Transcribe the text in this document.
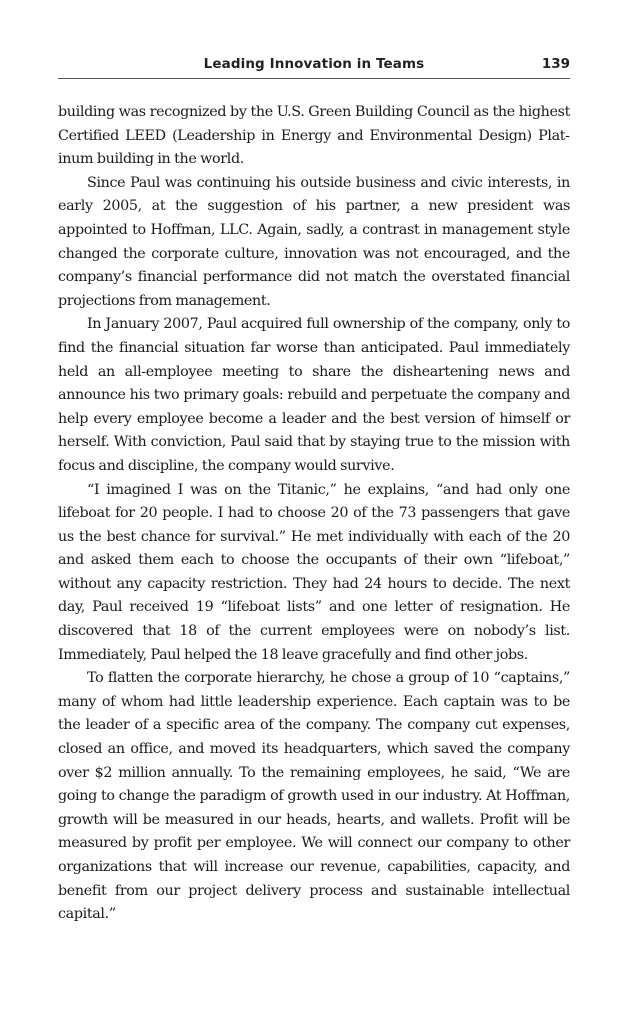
Leading Innovation in Teams	139

building was recognized by the U.S. Green Building Council as the highest Certified LEED (Leadership in Energy and Environmental Design) Platinum building in the world.

Since Paul was continuing his outside business and civic interests, in early 2005, at the suggestion of his partner, a new president was appointed to Hoffman, LLC. Again, sadly, a contrast in management style changed the corporate culture, innovation was not encouraged, and the company’s financial performance did not match the overstated financial projections from management.

In January 2007, Paul acquired full ownership of the company, only to find the financial situation far worse than anticipated. Paul immediately held an all-employee meeting to share the disheartening news and announce his two primary goals: rebuild and perpetuate the company and help every employee become a leader and the best version of himself or herself. With conviction, Paul said that by staying true to the mission with focus and discipline, the company would survive.

“I imagined I was on the Titanic,” he explains, “and had only one lifeboat for 20 people. I had to choose 20 of the 73 passengers that gave us the best chance for survival.” He met individually with each of the 20 and asked them each to choose the occupants of their own “lifeboat,” without any capacity restriction. They had 24 hours to decide. The next day, Paul received 19 “lifeboat lists” and one letter of resignation. He discovered that 18 of the current employees were on nobody’s list. Immediately, Paul helped the 18 leave gracefully and find other jobs.

To flatten the corporate hierarchy, he chose a group of 10 “captains,” many of whom had little leadership experience. Each captain was to be the leader of a specific area of the company. The company cut expenses, closed an office, and moved its headquarters, which saved the company over $2 million annually. To the remaining employees, he said, “We are going to change the paradigm of growth used in our industry. At Hoffman, growth will be measured in our heads, hearts, and wallets. Profit will be measured by profit per employee. We will connect our company to other organizations that will increase our revenue, capabilities, capacity, and benefit from our project delivery process and sustainable intellectual capital.”
